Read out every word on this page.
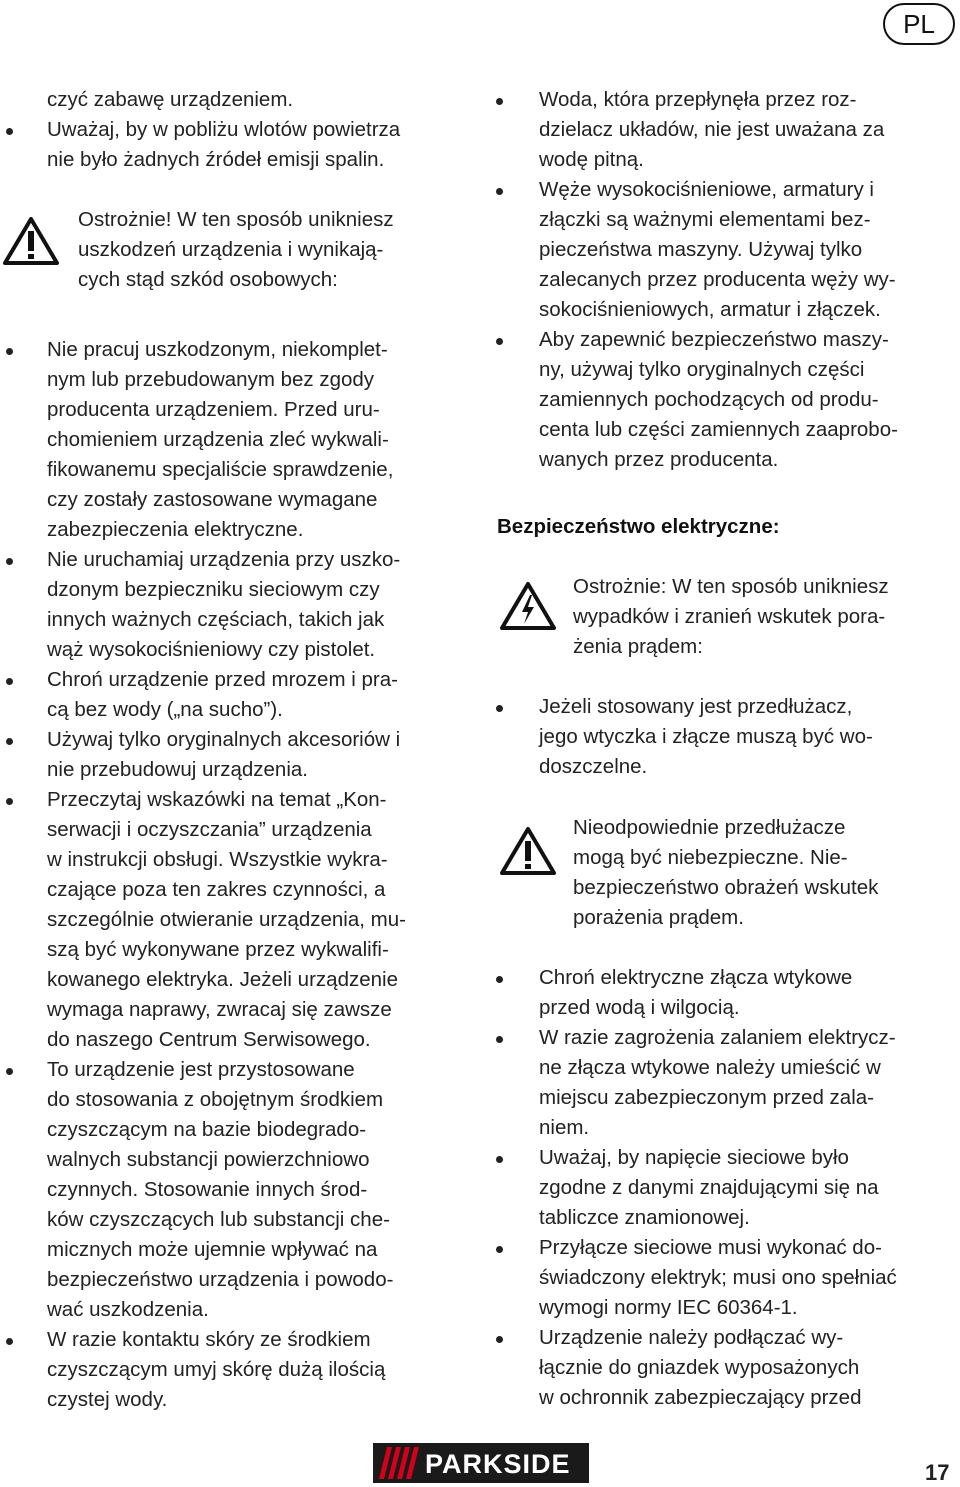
PL
czyć zabawę urządzeniem.
Uważaj, by w pobliżu wlotów powietrza
nie było żadnych źródeł emisji spalin.
Ostrożnie! W ten sposób unikniesz
uszkodzeń urządzenia i wynikają-
cych stąd szkód osobowych:
Nie pracuj uszkodzonym, niekomplet-
nym lub przebudowanym bez zgody
producenta urządzeniem. Przed uru-
chomieniem urządzenia zleć wykwali-
fikowanemu specjaliście sprawdzenie,
czy zostały zastosowane wymagane
zabezpieczenia elektryczne.
Nie uruchamiaj urządzenia przy uszko-
dzonym bezpieczniku sieciowym czy
innych ważnych częściach, takich jak
wąż wysokociśnieniowy czy pistolet.
Chroń urządzenie przed mrozem i pra-
cą bez wody („na sucho”).
Używaj tylko oryginalnych akcesoriów i
nie przebudowuj urządzenia.
Przeczytaj wskazówki na temat „Kon-
serwacji i oczyszczania” urządzenia
w instrukcji obsługi. Wszystkie wykra-
czające poza ten zakres czynności, a
szczególnie otwieranie urządzenia, mu-
szą być wykonywane przez wykwalifi-
kowanego elektryka. Jeżeli urządzenie
wymaga naprawy, zwracaj się zawsze
do naszego Centrum Serwisowego.
To urządzenie jest przystosowane
do stosowania z obojętnym środkiem
czyszczącym na bazie biodegrado-
walnych substancji powierzchniowo
czynnych. Stosowanie innych środ-
ków czyszczących lub substancji che-
micznych może ujemnie wpływać na
bezpieczeństwo urządzenia i powodo-
wać uszkodzenia.
W razie kontaktu skóry ze środkiem
czyszczącym umyj skórę dużą ilością
czystej wody.
Woda, która przepłynęła przez roz-
dzielacz układów, nie jest uważana za
wodę pitną.
Węże wysokociśnieniowe, armatury i
złączki są ważnymi elementami bez-
pieczeństwa maszyny. Używaj tylko
zalecanych przez producenta węży wy-
sokociśnieniowych, armatur i złączek.
Aby zapewnić bezpieczeństwo maszy-
ny, używaj tylko oryginalnych części
zamiennych pochodzących od produ-
centa lub części zamiennych zaaprobo-
wanych przez producenta.
Bezpieczeństwo elektryczne:
Ostrożnie: W ten sposób unikniesz
wypadków i zranień wskutek pora-
żenia prądem:
Jeżeli stosowany jest przedłużacz,
jego wtyczka i złącze muszą być wo-
doszczelne.
Nieodpowiednie przedłużacze
mogą być niebezpieczne. Nie-
bezpieczeństwo obrażeń wskutek
porażenia prądem.
Chroń elektryczne złącza wtykowe
przed wodą i wilgocią.
W razie zagrożenia zalaniem elektrycz-
ne złącza wtykowe należy umieścić w
miejscu zabezpieczonym przed zala-
niem.
Uważaj, by napięcie sieciowe było
zgodne z danymi znajdującymi się na
tabliczce znamionowej.
Przyłącze sieciowe musi wykonać do-
świadczony elektryk; musi ono spełniać
wymogi normy IEC 60364-1.
Urządzenie należy podłączać wy-
łącznie do gniazdek wyposażonych
w ochronnik zabezpieczający przed
PARKSIDE	17
